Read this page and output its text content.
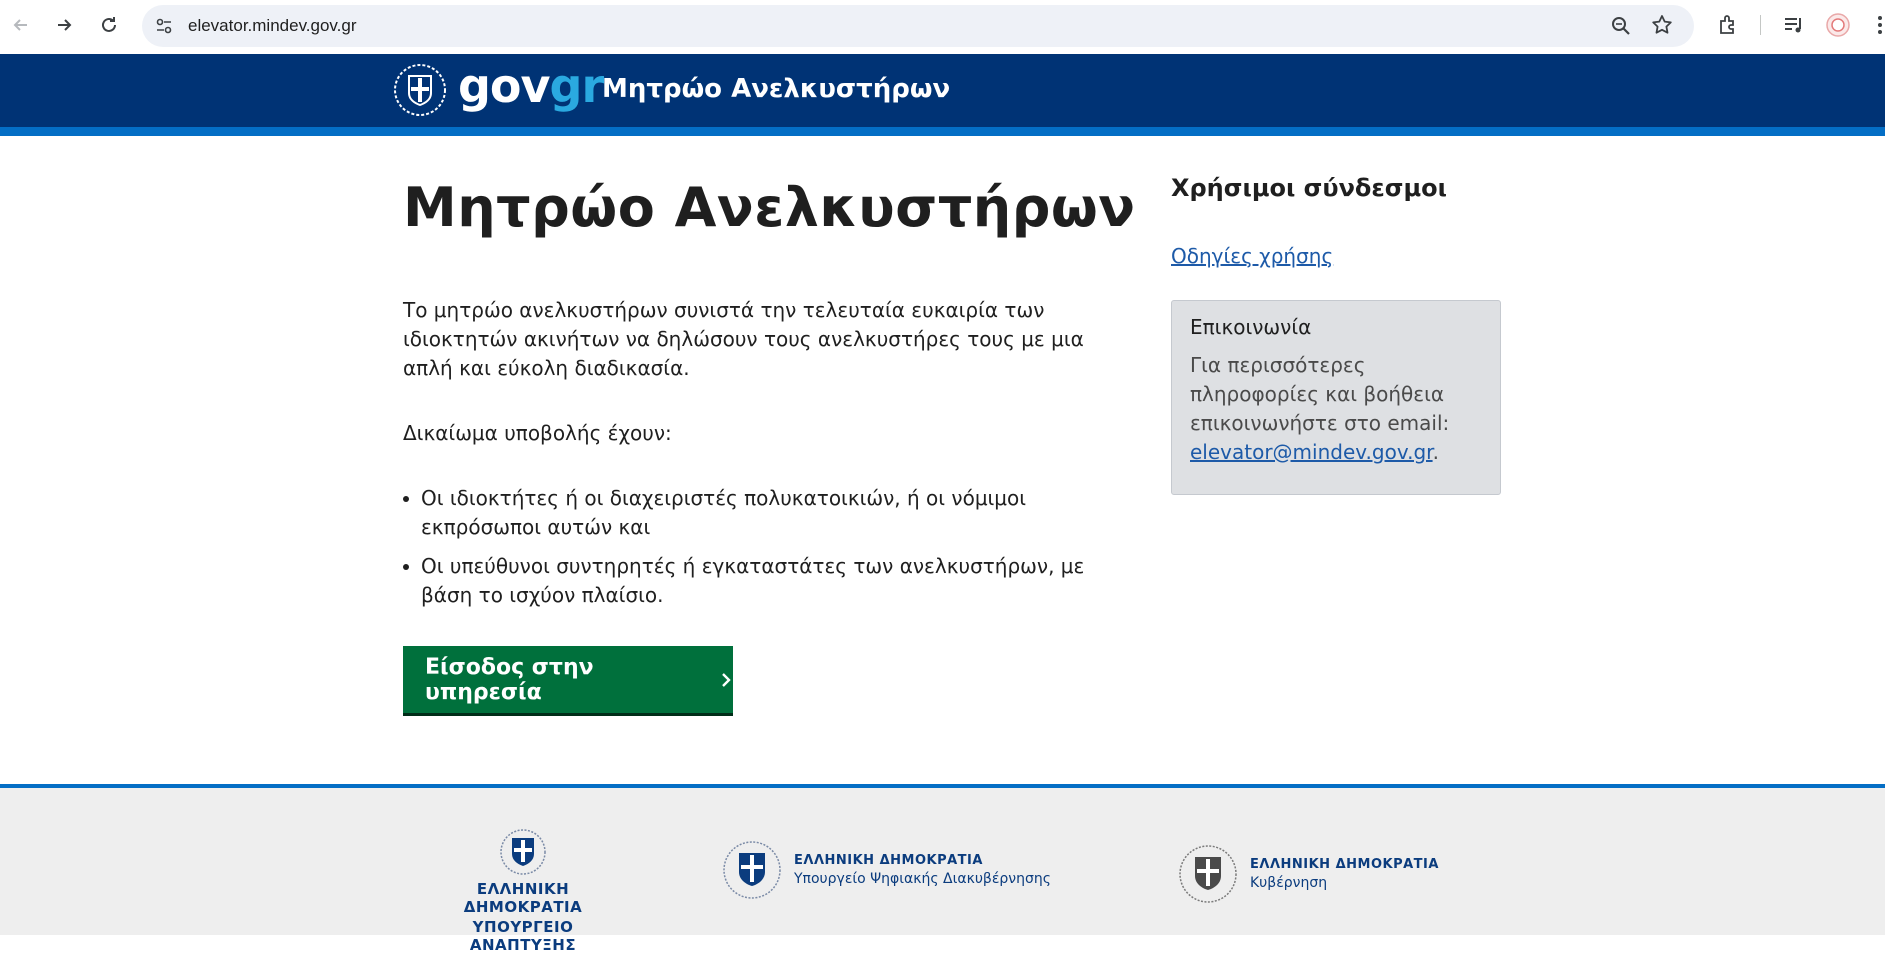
elevator.mindev.gov.gr
govgr
Μητρώο Ανελκυστήρων
Μητρώο Ανελκυστήρων

Το μητρώο ανελκυστήρων συνιστά την τελευταία ευκαιρία των ιδιοκτητών ακινήτων να δηλώσουν τους ανελκυστήρες τους με μια απλή και εύκολη διαδικασία.

Δικαίωμα υποβολής έχουν:

Οι ιδιοκτήτες ή οι διαχειριστές πολυκατοικιών, ή οι νόμιμοι εκπρόσωποι αυτών και
Οι υπεύθυνοι συντηρητές ή εγκαταστάτες των ανελκυστήρων, με βάση το ισχύον πλαίσιο.
Είσοδος στην υπηρεσία
Χρήσιμοι σύνδεσμοι
Οδηγίες χρήσης
Επικοινωνία
Για περισσότερες πληροφορίες και βοήθεια επικοινωνήστε στο email: elevator@mindev.gov.gr.
ΕΛΛΗΝΙΚΗ ΔΗΜΟΚΡΑΤΙΑ
ΥΠΟΥΡΓΕΙΟ ΑΝΑΠΤΥΞΗΣ
ΕΛΛΗΝΙΚΗ ΔΗΜΟΚΡΑΤΙΑ
Υπουργείο Ψηφιακής Διακυβέρνησης
ΕΛΛΗΝΙΚΗ ΔΗΜΟΚΡΑΤΙΑ
Κυβέρνηση
